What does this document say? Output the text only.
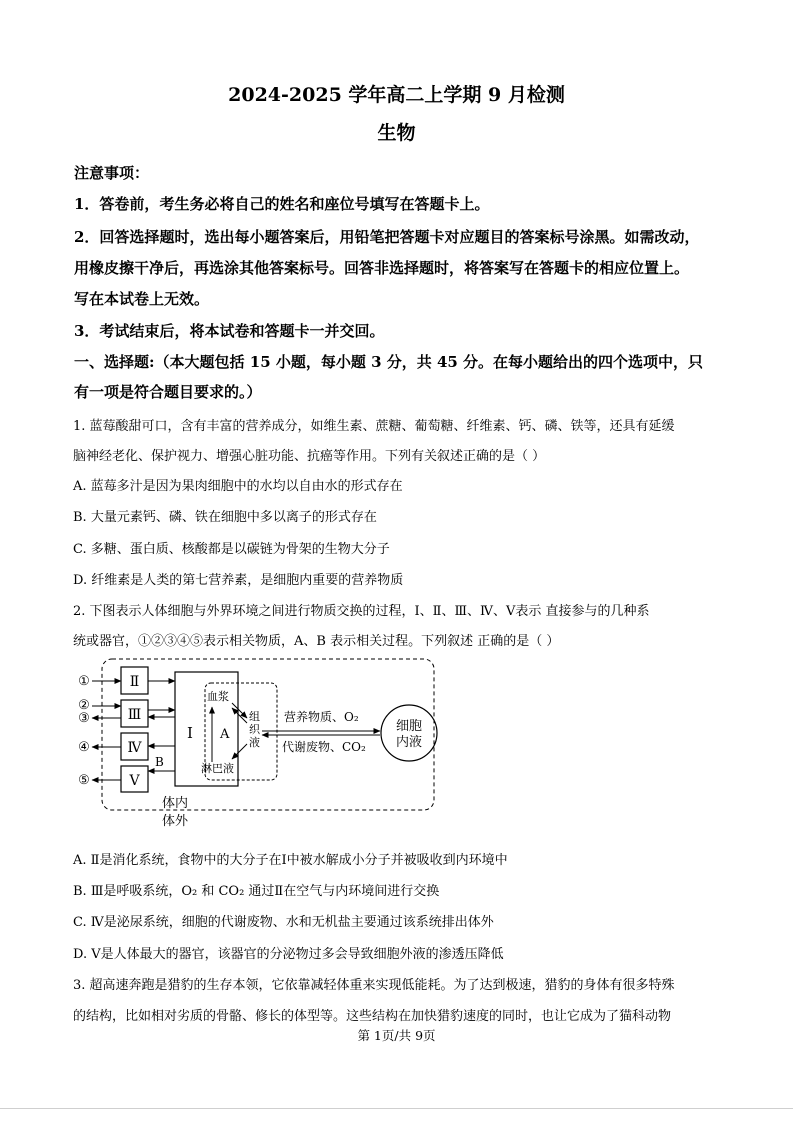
2024-2025 学年高二上学期 9 月检测
生物
注意事项：
1．答卷前，考生务必将自己的姓名和座位号填写在答题卡上。
2．回答选择题时，选出每小题答案后，用铅笔把答题卡对应题目的答案标号涂黑。如需改动，
用橡皮擦干净后，再选涂其他答案标号。回答非选择题时，将答案写在答题卡的相应位置上。
写在本试卷上无效。
3．考试结束后，将本试卷和答题卡一并交回。
一、选择题:（本大题包括 15 小题，每小题 3 分，共 45 分。在每小题给出的四个选项中，只
有一项是符合题目要求的。）
1. 蓝莓酸甜可口，含有丰富的营养成分，如维生素、蔗糖、葡萄糖、纤维素、钙、磷、铁等，还具有延缓
脑神经老化、保护视力、增强心脏功能、抗癌等作用。下列有关叙述正确的是（ ）
A. 蓝莓多汁是因为果肉细胞中的水均以自由水的形式存在
B. 大量元素钙、磷、铁在细胞中多以离子的形式存在
C. 多糖、蛋白质、核酸都是以碳链为骨架的生物大分子
D. 纤维素是人类的第七营养素，是细胞内重要的营养物质
2. 下图表示人体细胞与外界环境之间进行物质交换的过程，Ⅰ、Ⅱ、Ⅲ、Ⅳ、Ⅴ表示 直接参与的几种系
统或器官，①②③④⑤表示相关物质，A、B 表示相关过程。下列叙述 正确的是（ ）
Ⅱ
Ⅲ
Ⅳ
Ⅴ
Ⅰ
①
②
③
④
⑤
B
血浆
淋巴液
A
组
织
液
营养物质、O₂
代谢废物、CO₂
细胞
内液
体内
体外
A. Ⅱ是消化系统，食物中的大分子在Ⅰ中被水解成小分子并被吸收到内环境中
B. Ⅲ是呼吸系统，O₂ 和 CO₂ 通过Ⅱ在空气与内环境间进行交换
C. Ⅳ是泌尿系统，细胞的代谢废物、水和无机盐主要通过该系统排出体外
D. Ⅴ是人体最大的器官，该器官的分泌物过多会导致细胞外液的渗透压降低
3. 超高速奔跑是猎豹的生存本领，它依靠减轻体重来实现低能耗。为了达到极速，猎豹的身体有很多特殊
的结构，比如相对劣质的骨骼、修长的体型等。这些结构在加快猎豹速度的同时，也让它成为了猫科动物
第 1页/共 9页
